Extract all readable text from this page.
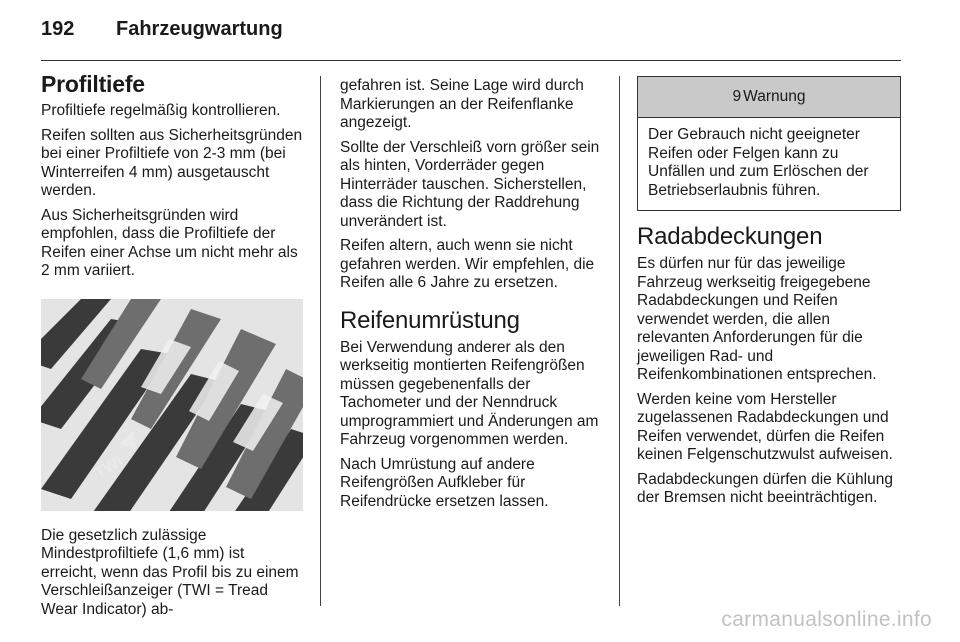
192	Fahrzeugwartung
Profiltiefe

Profiltiefe regelmäßig kontrollieren.

Reifen sollten aus Sicherheitsgründen bei einer Profiltiefe von 2-3 mm (bei Winterreifen 4 mm) ausgetauscht werden.

Aus Sicherheitsgründen wird empfohlen, dass die Profiltiefe der Reifen einer Achse um nicht mehr als 2 mm variiert.

TWI

Die gesetzlich zulässige Mindestprofiltiefe (1,6 mm) ist erreicht, wenn das Profil bis zu einem Verschleißanzeiger (TWI = Tread Wear Indicator) ab-

gefahren ist. Seine Lage wird durch Markierungen an der Reifenflanke angezeigt.

Sollte der Verschleiß vorn größer sein als hinten, Vorderräder gegen Hinterräder tauschen. Sicherstellen, dass die Richtung der Raddrehung unverändert ist.

Reifen altern, auch wenn sie nicht gefahren werden. Wir empfehlen, die Reifen alle 6 Jahre zu ersetzen.

Reifenumrüstung

Bei Verwendung anderer als den werkseitig montierten Reifengrößen müssen gegebenenfalls der Tachometer und der Nenndruck umprogrammiert und Änderungen am Fahrzeug vorgenommen werden.

Nach Umrüstung auf andere Reifengrößen Aufkleber für Reifendrücke ersetzen lassen.

9 Warnung
Der Gebrauch nicht geeigneter Reifen oder Felgen kann zu Unfällen und zum Erlöschen der Betriebserlaubnis führen.
Radabdeckungen

Es dürfen nur für das jeweilige Fahrzeug werkseitig freigegebene Radabdeckungen und Reifen verwendet werden, die allen relevanten Anforderungen für die jeweiligen Rad- und Reifenkombinationen entsprechen.

Werden keine vom Hersteller zugelassenen Radabdeckungen und Reifen verwendet, dürfen die Reifen keinen Felgenschutzwulst aufweisen.

Radabdeckungen dürfen die Kühlung der Bremsen nicht beeinträchtigen.

carmanualsonline.info
